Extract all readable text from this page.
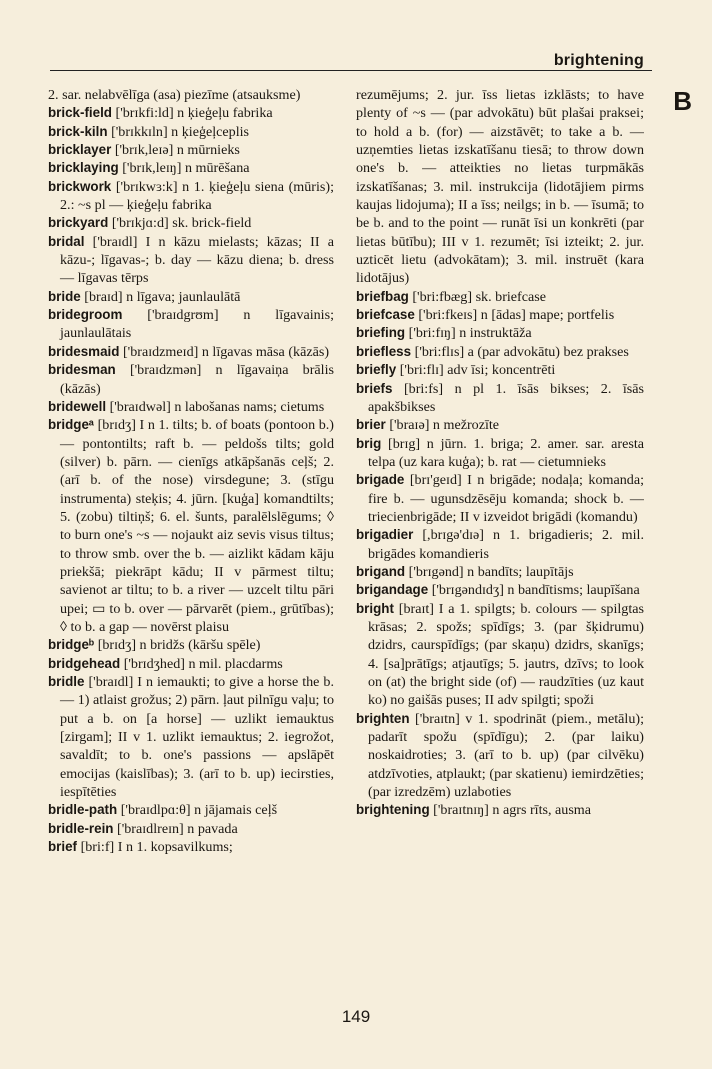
brightening
B

2. sar. nelabvēlīga (asa) piezīme (atsauksme)

brick-field ['brɪkfi:ld] n ķieģeļu fabrika

brick-kiln ['brɪkkɪln] n ķieģeļceplis

bricklayer ['brɪk,leɪə] n mūrnieks

bricklaying ['brɪk,leɪŋ] n mūrēšana

brickwork ['brɪkwɜ:k] n 1. ķieģeļu siena (mūris); 2.: ~s pl — ķieģeļu fabrika

brickyard ['brɪkjɑ:d] sk. brick-field

bridal ['braɪdl] I n kāzu mielasts; kāzas; II a kāzu-; līgavas-; b. day — kāzu diena; b. dress — līgavas tērps

bride [braɪd] n līgava; jaunlaulātā

bridegroom ['braɪdgrʊm] n līgavainis; jaunlaulātais

bridesmaid ['braɪdzmeɪd] n līgavas māsa (kāzās)

bridesman ['braɪdzmən] n līgavaiņa brālis (kāzās)

bridewell ['braɪdwəl] n labošanas nams; cietums

bridgeᵃ [brɪdʒ] I n 1. tilts; b. of boats (pontoon b.) — pontontilts; raft b. — peldošs tilts; gold (silver) b. pārn. — cienīgs atkāpšanās ceļš; 2. (arī b. of the nose) virsdegune; 3. (stīgu instrumenta) steķis; 4. jūrn. [kuģa] komandtilts; 5. (zobu) tiltiņš; 6. el. šunts, paralēlslēgums; ◊ to burn one's ~s — nojaukt aiz sevis visus tiltus; to throw smb. over the b. — aizlikt kādam kāju priekšā; piekrāpt kādu; II v pārmest tiltu; savienot ar tiltu; to b. a river — uzcelt tiltu pāri upei; ▭ to b. over — pārvarēt (piem., grūtības); ◊ to b. a gap — novērst plaisu

bridgeᵇ [brɪdʒ] n bridžs (kāršu spēle)

bridgehead ['brɪdʒhed] n mil. placdarms

bridle ['braɪdl] I n iemaukti; to give a horse the b. — 1) atlaist grožus; 2) pārn. ļaut pilnīgu vaļu; to put a b. on [a horse] — uzlikt iemauktus [zirgam]; II v 1. uzlikt iemauktus; 2. iegrožot, savaldīt; to b. one's passions — apslāpēt emocijas (kaislības); 3. (arī to b. up) iecirsties, iespītēties

bridle-path ['braɪdlpɑ:θ] n jājamais ceļš

bridle-rein ['braɪdlreɪn] n pavada

brief [bri:f] I n 1. kopsavilkums;

rezumējums; 2. jur. īss lietas izklāsts; to have plenty of ~s — (par advokātu) būt plašai praksei; to hold a b. (for) — aizstāvēt; to take a b. — uzņemties lietas izskatīšanu tiesā; to throw down one's b. — atteikties no lietas turpmākās izskatīšanas; 3. mil. instrukcija (lidotājiem pirms kaujas lidojuma); II a īss; neilgs; in b. — īsumā; to be b. and to the point — runāt īsi un konkrēti (par lietas būtību); III v 1. rezumēt; īsi izteikt; 2. jur. uzticēt lietu (advokātam); 3. mil. instruēt (kara lidotājus)

briefbag ['bri:fbæg] sk. briefcase

briefcase ['bri:fkeɪs] n [ādas] mape; portfelis

briefing ['bri:fɪŋ] n instruktāža

briefless ['bri:flɪs] a (par advokātu) bez prakses

briefly ['bri:flɪ] adv īsi; koncentrēti

briefs [bri:fs] n pl 1. īsās bikses; 2. īsās apakšbikses

brier ['braɪə] n mežrozīte

brig [brɪg] n jūrn. 1. briga; 2. amer. sar. aresta telpa (uz kara kuģa); b. rat — cietumnieks

brigade [brɪ'geɪd] I n brigāde; nodaļa; komanda; fire b. — ugunsdzēsēju komanda; shock b. — triecienbrigāde; II v izveidot brigādi (komandu)

brigadier [,brɪgə'dɪə] n 1. brigadieris; 2. mil. brigādes komandieris

brigand ['brɪgənd] n bandīts; laupītājs

brigandage ['brɪgəndɪdʒ] n bandītisms; laupīšana

bright [braɪt] I a 1. spilgts; b. colours — spilgtas krāsas; 2. spožs; spīdīgs; 3. (par šķidrumu) dzidrs, caurspīdīgs; (par skaņu) dzidrs, skanīgs; 4. [sa]prātīgs; atjautīgs; 5. jautrs, dzīvs; to look on (at) the bright side (of) — raudzīties (uz kaut ko) no gaišās puses; II adv spilgti; spoži

brighten ['braɪtn] v 1. spodrināt (piem., metālu); padarīt spožu (spīdīgu); 2. (par laiku) noskaidroties; 3. (arī to b. up) (par cilvēku) atdzīvoties, atplaukt; (par skatienu) iemirdzēties; (par izredzēm) uzlaboties

brightening ['braɪtnɪŋ] n agrs rīts, ausma

149
